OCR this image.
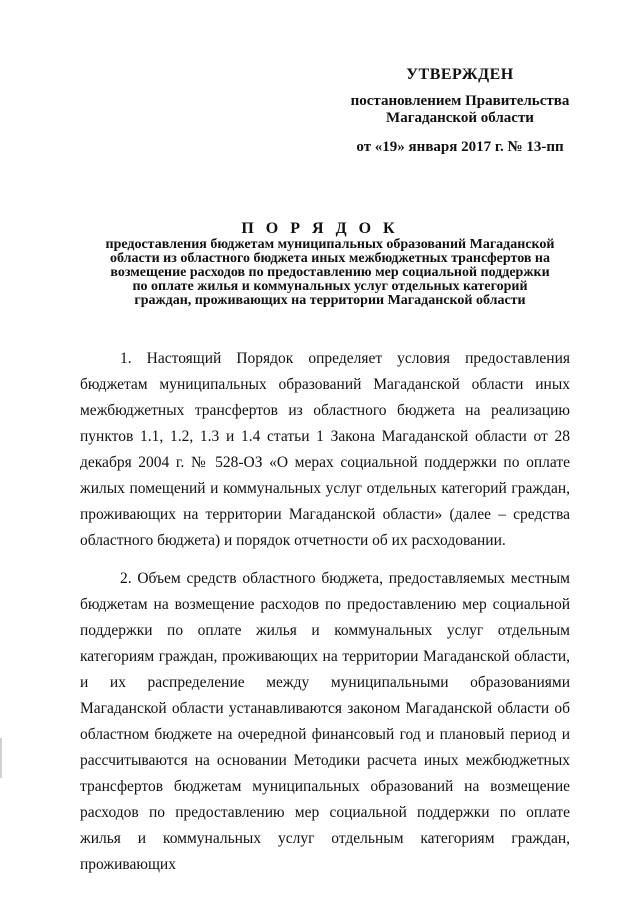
УТВЕРЖДЕН
постановлением Правительства
Магаданской области
от «19» января 2017 г. № 13-пп
П О Р Я Д О К
предоставления бюджетам муниципальных образований Магаданской
области из областного бюджета иных межбюджетных трансфертов на
возмещение расходов по предоставлению мер социальной поддержки
по оплате жилья и коммунальных услуг отдельных категорий
граждан, проживающих на территории Магаданской области

1. Настоящий Порядок определяет условия предоставления бюджетам муниципальных образований Магаданской области иных межбюджетных трансфертов из областного бюджета на реализацию пунктов 1.1, 1.2, 1.3 и 1.4 статьи 1 Закона Магаданской области от 28 декабря 2004 г. № 528-ОЗ «О мерах социальной поддержки по оплате жилых помещений и коммунальных услуг отдельных категорий граждан, проживающих на территории Магаданской области» (далее – средства областного бюджета) и порядок отчетности об их расходовании.

2. Объем средств областного бюджета, предоставляемых местным бюджетам на возмещение расходов по предоставлению мер социальной поддержки по оплате жилья и коммунальных услуг отдельным категориям граждан, проживающих на территории Магаданской области, и их распределение между муниципальными образованиями Магаданской области устанавливаются законом Магаданской области об областном бюджете на очередной финансовый год и плановый период и рассчитываются на основании Методики расчета иных межбюджетных трансфертов бюджетам муниципальных образований на возмещение расходов по предоставлению мер социальной поддержки по оплате жилья и коммунальных услуг отдельным категориям граждан, проживающих
